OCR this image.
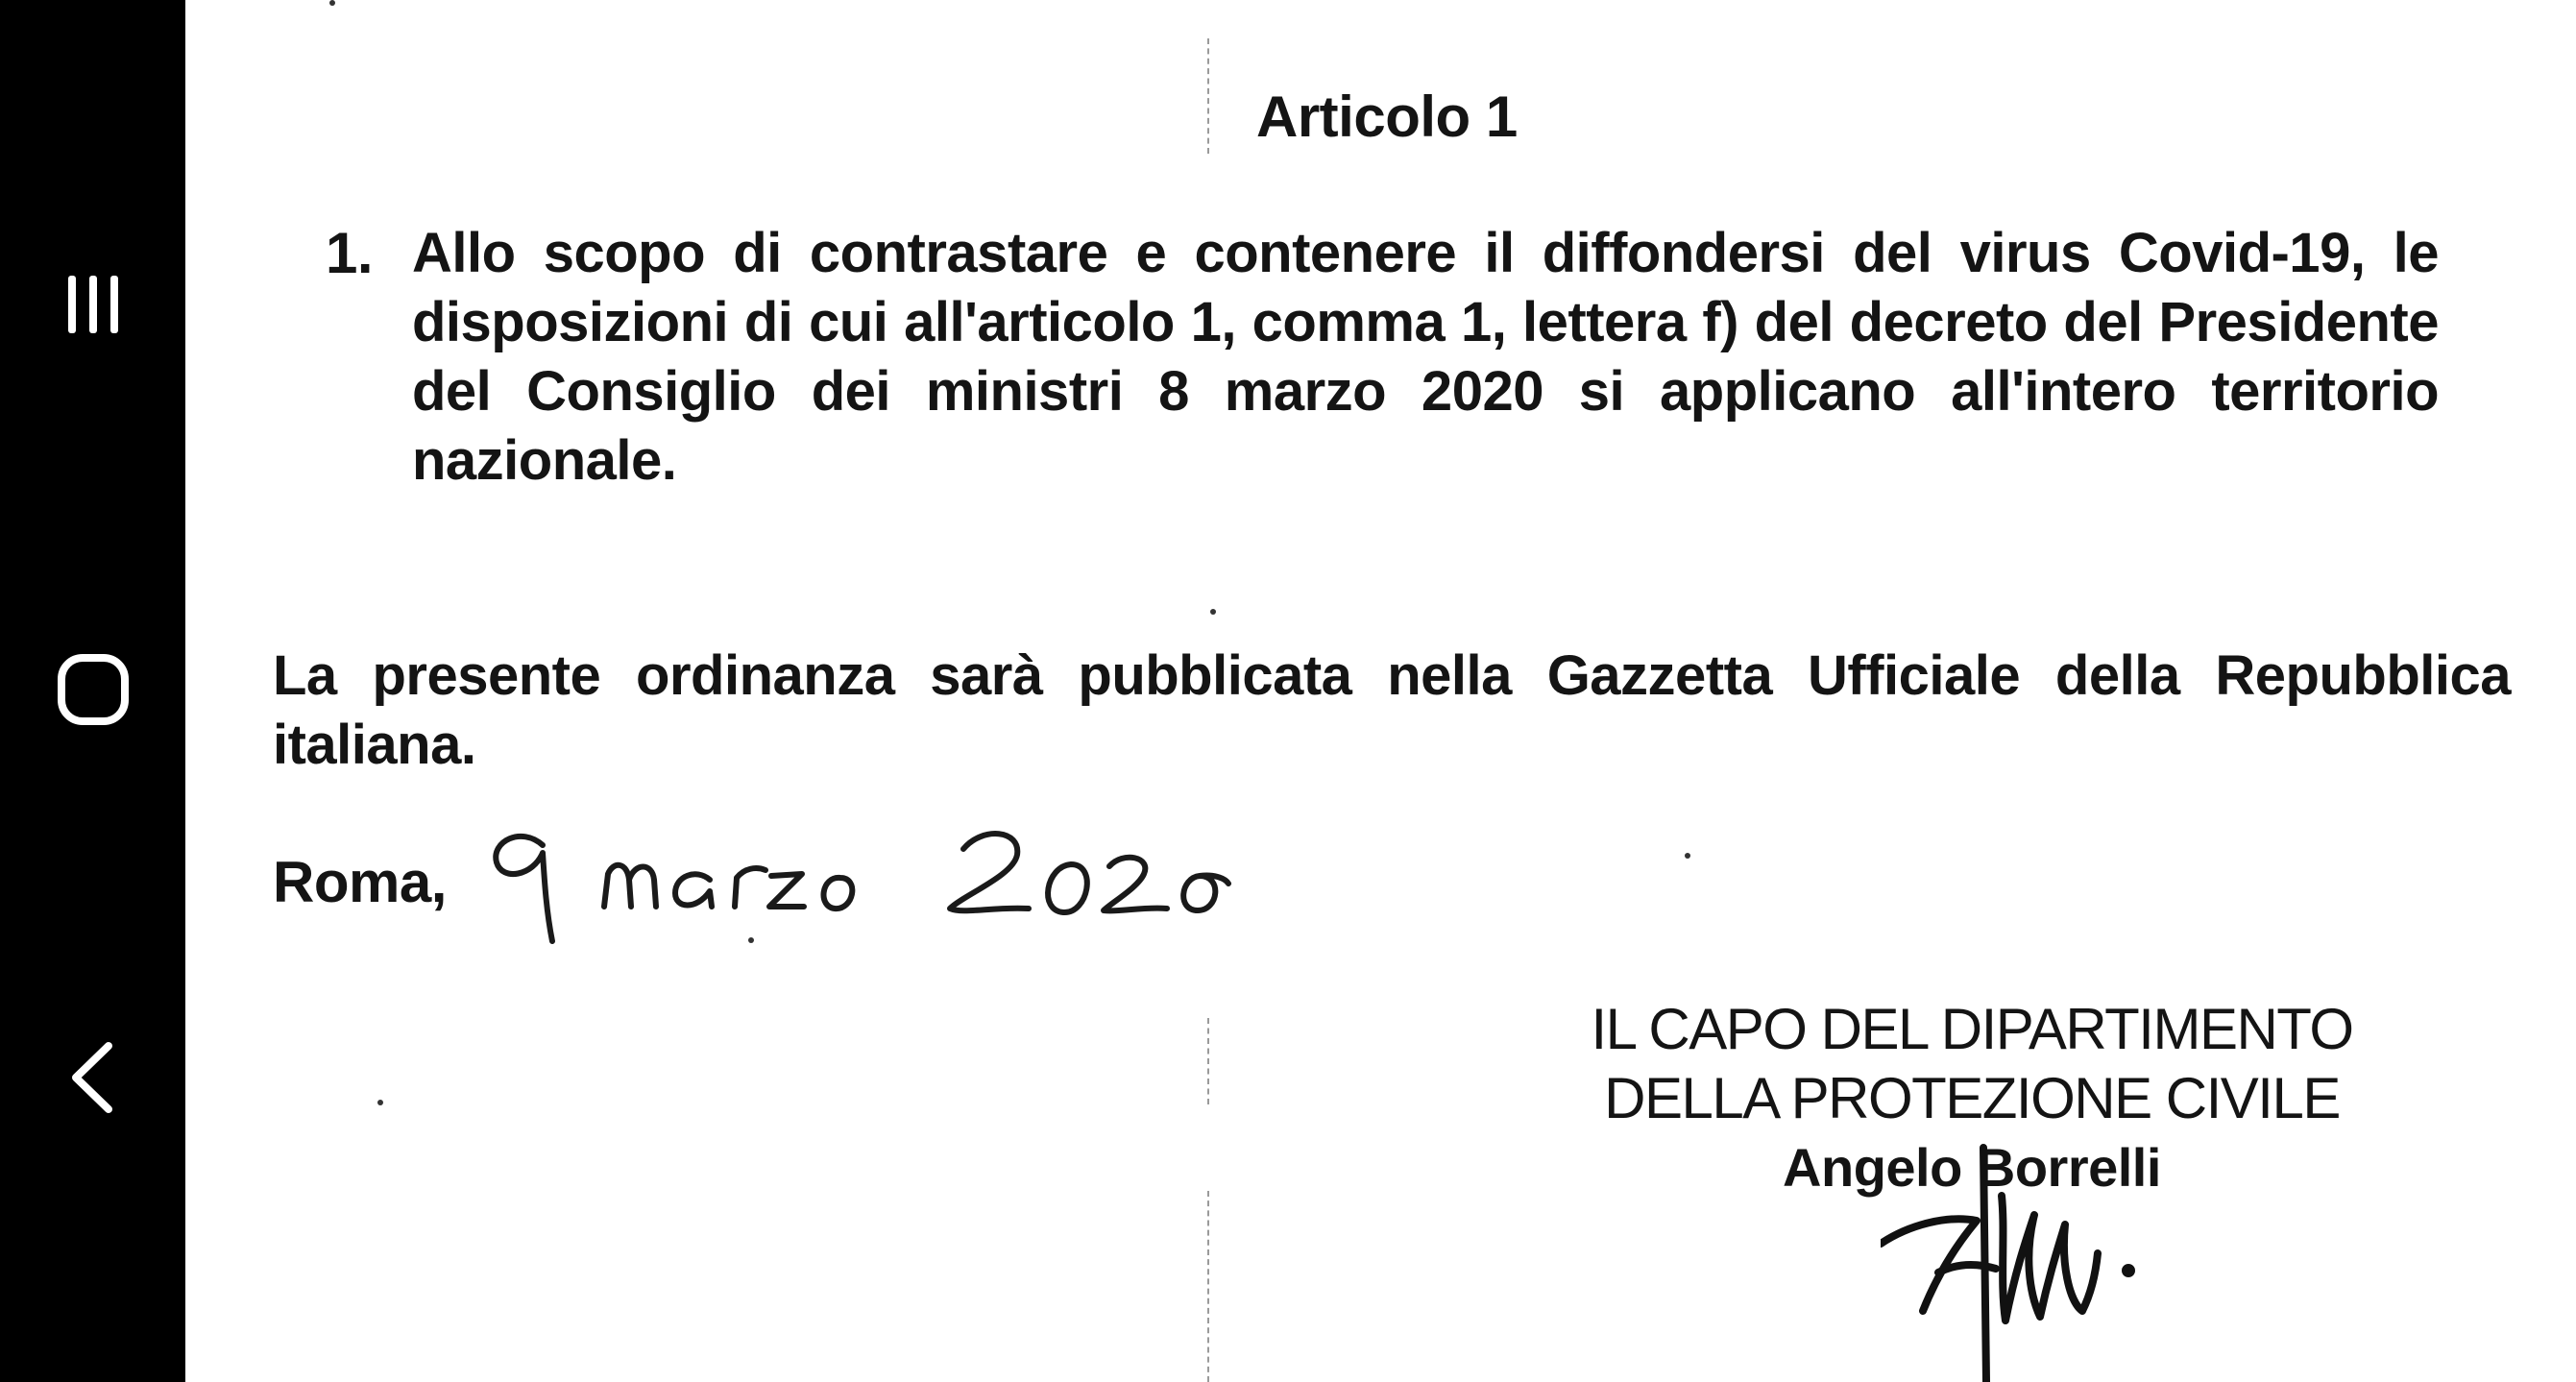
Articolo 1
1. Allo scopo di contrastare e contenere il diffondersi del virus Covid-19, le disposizioni di cui all'articolo 1, comma 1, lettera f) del decreto del Presidente del Consiglio dei ministri 8 marzo 2020 si applicano all'intero territorio nazionale.
La presente ordinanza sarà pubblicata nella Gazzetta Ufficiale della Repubblica italiana.
Roma,
IL CAPO DEL DIPARTIMENTO
DELLA PROTEZIONE CIVILE
Angelo Borrelli
